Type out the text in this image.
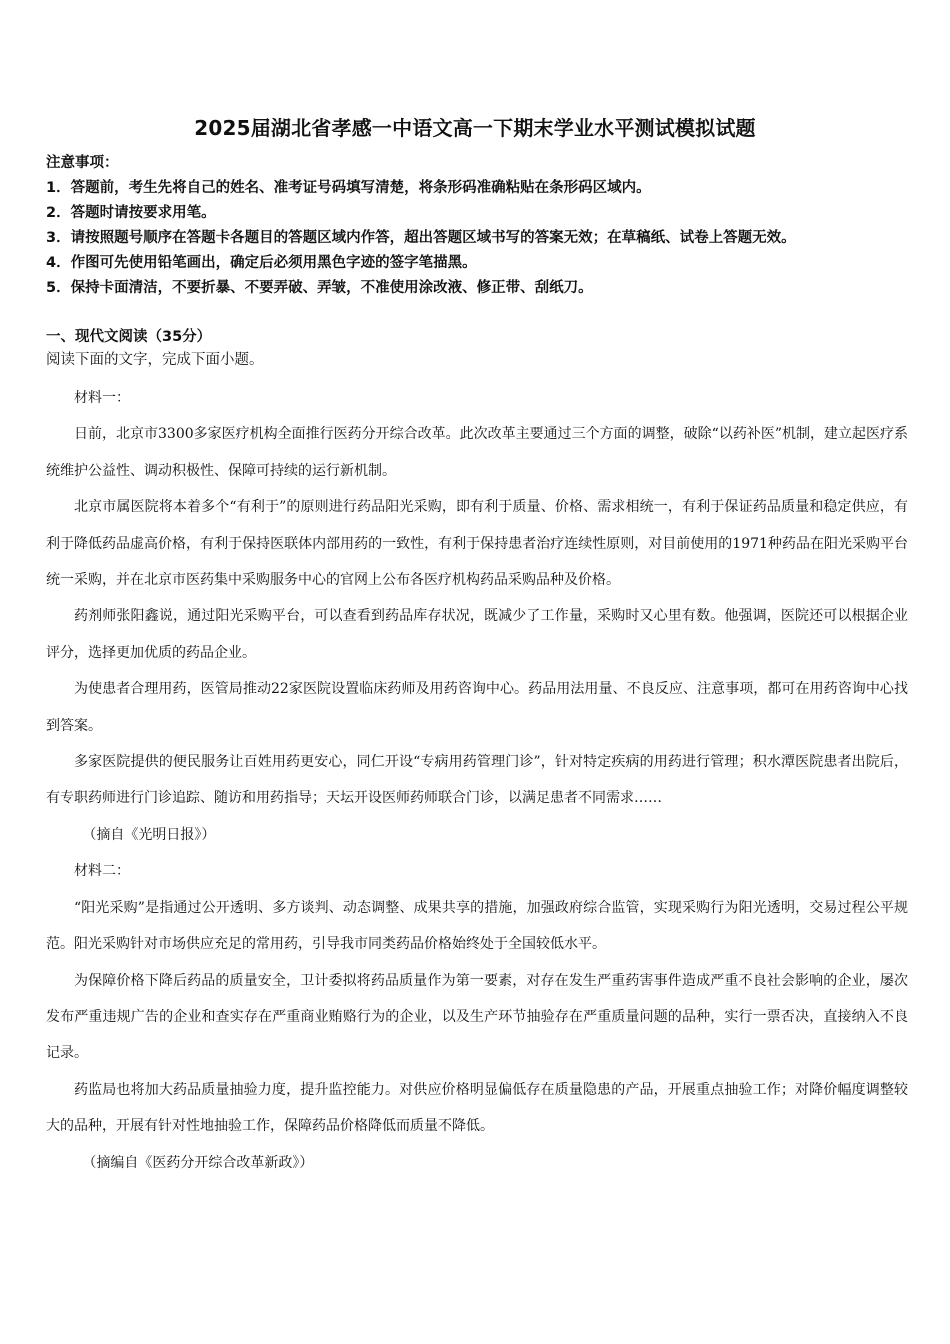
2025届湖北省孝感一中语文高一下期末学业水平测试模拟试题
注意事项：
1．答题前，考生先将自己的姓名、准考证号码填写清楚，将条形码准确粘贴在条形码区域内。
2．答题时请按要求用笔。
3．请按照题号顺序在答题卡各题目的答题区域内作答，超出答题区域书写的答案无效；在草稿纸、试卷上答题无效。
4．作图可先使用铅笔画出，确定后必须用黑色字迹的签字笔描黑。
5．保持卡面清洁，不要折暴、不要弄破、弄皱，不准使用涂改液、修正带、刮纸刀。
一、现代文阅读（35分）
阅读下面的文字，完成下面小题。

材料一：

日前，北京市3300多家医疗机构全面推行医药分开综合改革。此次改革主要通过三个方面的调整，破除“以药补医”机制，建立起医疗系统维护公益性、调动积极性、保障可持续的运行新机制。

北京市属医院将本着多个“有利于”的原则进行药品阳光采购，即有利于质量、价格、需求相统一，有利于保证药品质量和稳定供应，有利于降低药品虚高价格，有利于保持医联体内部用药的一致性，有利于保持患者治疗连续性原则，对目前使用的1971种药品在阳光采购平台统一采购，并在北京市医药集中采购服务中心的官网上公布各医疗机构药品采购品种及价格。

药剂师张阳鑫说，通过阳光采购平台，可以查看到药品库存状况，既减少了工作量，采购时又心里有数。他强调，医院还可以根据企业评分，选择更加优质的药品企业。

为使患者合理用药，医管局推动22家医院设置临床药师及用药咨询中心。药品用法用量、不良反应、注意事项，都可在用药咨询中心找到答案。

多家医院提供的便民服务让百姓用药更安心，同仁开设“专病用药管理门诊”，针对特定疾病的用药进行管理；积水潭医院患者出院后，有专职药师进行门诊追踪、随访和用药指导；天坛开设医师药师联合门诊，以满足患者不同需求……

（摘自《光明日报》）

材料二：

“阳光采购”是指通过公开透明、多方谈判、动态调整、成果共享的措施，加强政府综合监管，实现采购行为阳光透明，交易过程公平规范。阳光采购针对市场供应充足的常用药，引导我市同类药品价格始终处于全国较低水平。

为保障价格下降后药品的质量安全，卫计委拟将药品质量作为第一要素，对存在发生严重药害事件造成严重不良社会影响的企业，屡次发布严重违规广告的企业和查实存在严重商业贿赂行为的企业，以及生产环节抽验存在严重质量问题的品种，实行一票否决，直接纳入不良记录。

药监局也将加大药品质量抽验力度，提升监控能力。对供应价格明显偏低存在质量隐患的产品，开展重点抽验工作；对降价幅度调整较大的品种，开展有针对性地抽验工作，保障药品价格降低而质量不降低。

（摘编自《医药分开综合改革新政》）
